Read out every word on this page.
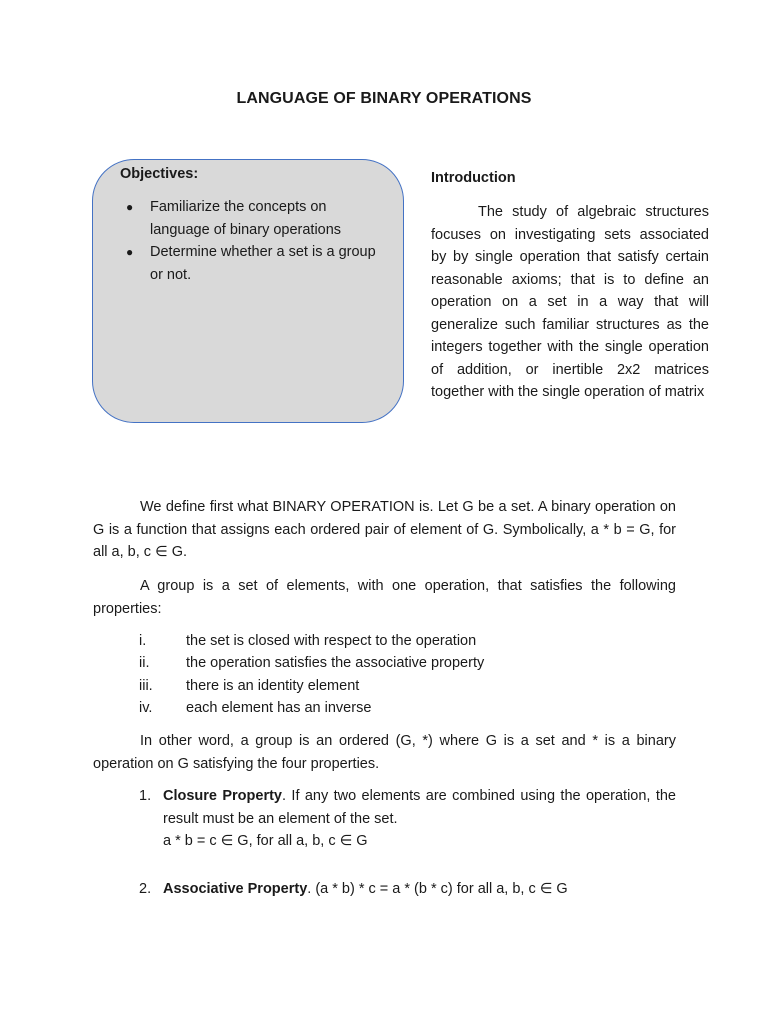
LANGUAGE OF BINARY OPERATIONS
Objectives:
● Familiarize the concepts on language of binary operations
● Determine whether a set is a group or not.
Introduction

The study of algebraic structures focuses on investigating sets associated by by single operation that satisfy certain reasonable axioms; that is to define an operation on a set in a way that will generalize such familiar structures as the integers together with the single operation of addition, or inertible 2x2 matrices together with the single operation of matrix

We define first what BINARY OPERATION is. Let G be a set. A binary operation on G is a function that assigns each ordered pair of element of G. Symbolically, a * b = G, for all a, b, c ∈ G.

A group is a set of elements, with one operation, that satisfies the following properties:

i.	the set is closed with respect to the operation
ii.	the operation satisfies the associative property
iii. there is an identity element
iv. each element has an inverse

In other word, a group is an ordered (G, *) where G is a set and * is a binary operation on G satisfying the four properties.

1. Closure Property. If any two elements are combined using the operation, the result must be an element of the set.
a * b = c ∈ G, for all a, b, c ∈ G
2. Associative Property. (a * b) * c = a * (b * c) for all a, b, c ∈ G
